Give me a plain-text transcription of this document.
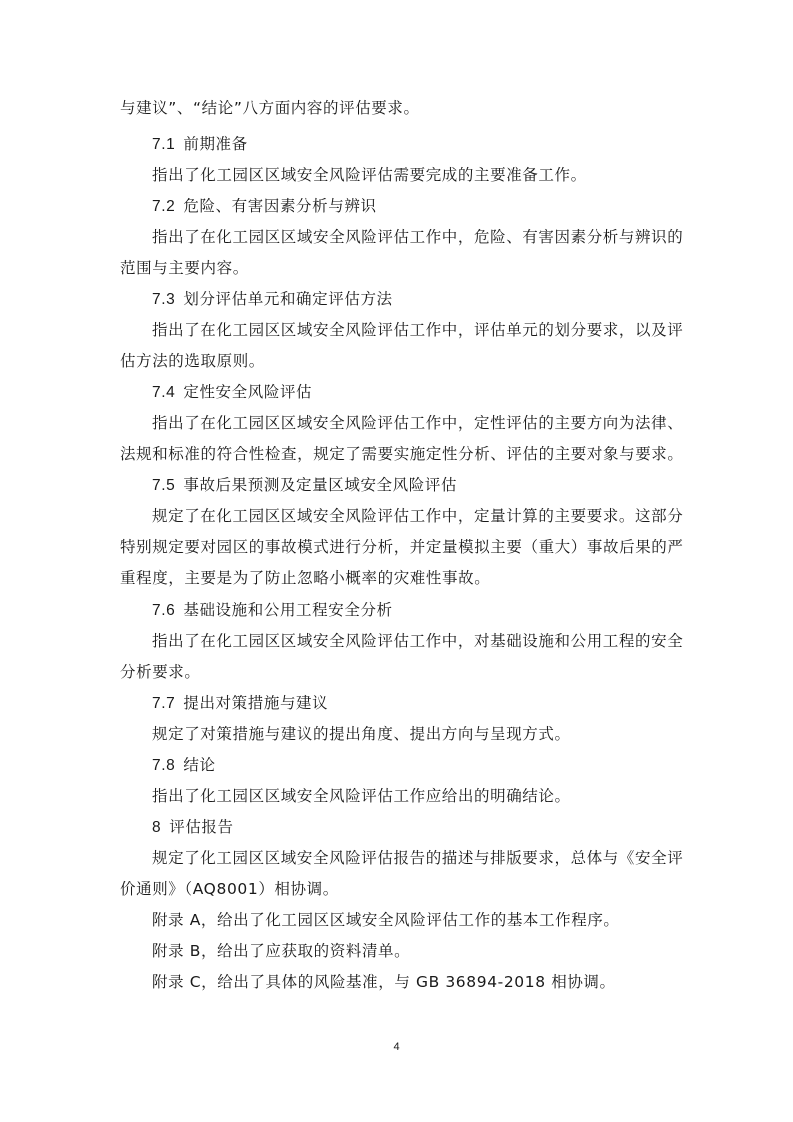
与建议”、“结论”八方面内容的评估要求。
7.1 前期准备
指出了化工园区区域安全风险评估需要完成的主要准备工作。
7.2 危险、有害因素分析与辨识
指出了在化工园区区域安全风险评估工作中，危险、有害因素分析与辨识的
范围与主要内容。
7.3 划分评估单元和确定评估方法
指出了在化工园区区域安全风险评估工作中，评估单元的划分要求，以及评
估方法的选取原则。
7.4 定性安全风险评估
指出了在化工园区区域安全风险评估工作中，定性评估的主要方向为法律、
法规和标准的符合性检查，规定了需要实施定性分析、评估的主要对象与要求。
7.5 事故后果预测及定量区域安全风险评估
规定了在化工园区区域安全风险评估工作中，定量计算的主要要求。这部分
特别规定要对园区的事故模式进行分析，并定量模拟主要（重大）事故后果的严
重程度，主要是为了防止忽略小概率的灾难性事故。
7.6 基础设施和公用工程安全分析
指出了在化工园区区域安全风险评估工作中，对基础设施和公用工程的安全
分析要求。
7.7 提出对策措施与建议
规定了对策措施与建议的提出角度、提出方向与呈现方式。
7.8 结论
指出了化工园区区域安全风险评估工作应给出的明确结论。
8 评估报告
规定了化工园区区域安全风险评估报告的描述与排版要求，总体与《安全评
价通则》（AQ8001）相协调。
附录 A，给出了化工园区区域安全风险评估工作的基本工作程序。
附录 B，给出了应获取的资料清单。
附录 C，给出了具体的风险基准，与 GB 36894-2018 相协调。
4
